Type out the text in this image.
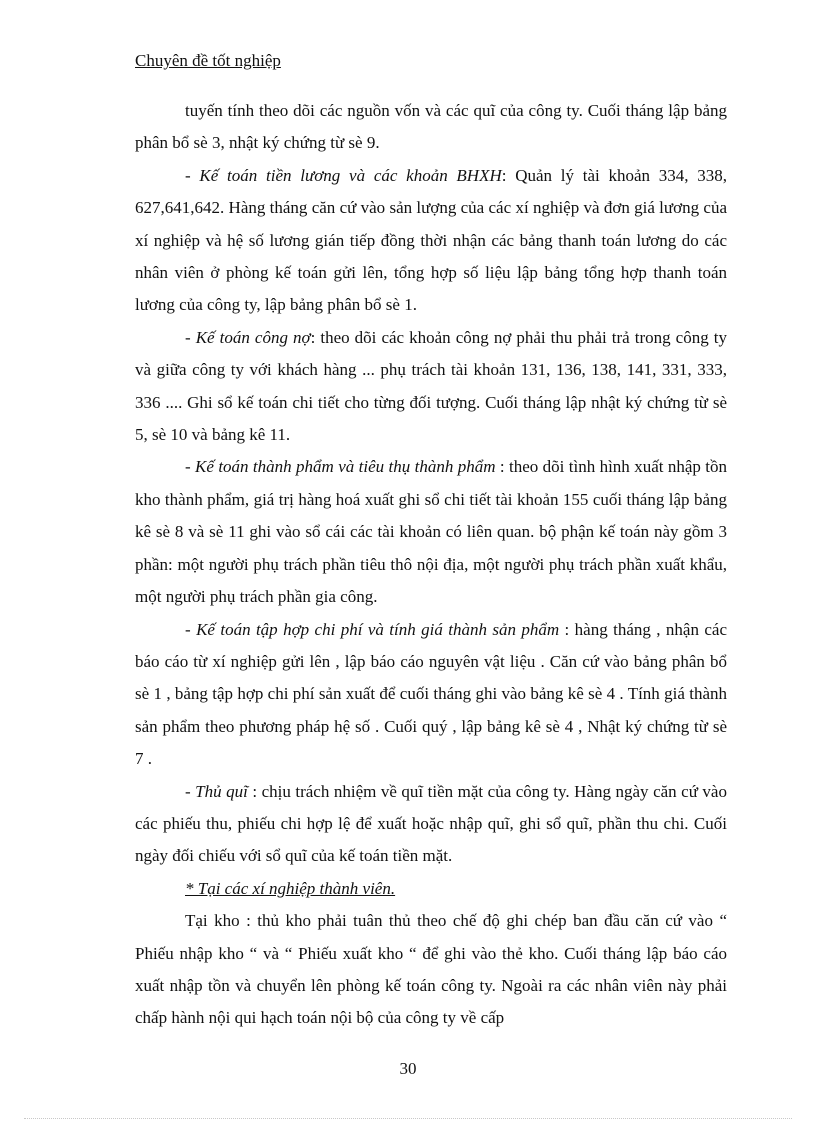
Chuyên đề tốt nghiệp

tuyến tính theo dõi các nguồn vốn và các quĩ của công ty. Cuối tháng lập bảng phân bổ sè 3, nhật ký chứng từ sè 9.

- Kế toán tiền lương và các khoản BHXH: Quản lý tài khoản 334, 338, 627,641,642. Hàng tháng căn cứ vào sản lượng của các xí nghiệp và đơn giá lương của xí nghiệp và hệ số lương gián tiếp đồng thời nhận các bảng thanh toán lương do các nhân viên ở phòng kế toán gửi lên, tổng hợp số liệu lập bảng tổng hợp thanh toán lương của công ty, lập bảng phân bổ sè 1.

- Kế toán công nợ: theo dõi các khoản công nợ phải thu phải trả trong công ty và giữa công ty với khách hàng ... phụ trách tài khoản 131, 136, 138, 141, 331, 333, 336 .... Ghi sổ kế toán chi tiết cho từng đối tượng. Cuối tháng lập nhật ký chứng từ sè 5, sè 10 và bảng kê 11.

- Kế toán thành phẩm và tiêu thụ thành phẩm : theo dõi tình hình xuất nhập tồn kho thành phẩm, giá trị hàng hoá xuất ghi sổ chi tiết tài khoản 155 cuối tháng lập bảng kê sè 8 và sè 11 ghi vào sổ cái các tài khoản có liên quan. bộ phận kế toán này gồm 3 phần: một người phụ trách phần tiêu thô nội địa, một người phụ trách phần xuất khẩu, một người phụ trách phần gia công.

- Kế toán tập hợp chi phí và tính giá thành sản phẩm : hàng tháng , nhận các báo cáo từ xí nghiệp gửi lên , lập báo cáo nguyên vật liệu . Căn cứ vào bảng phân bổ sè 1 , bảng tập hợp chi phí sản xuất để cuối tháng ghi vào bảng kê sè 4 . Tính giá thành sản phẩm theo phương pháp hệ số . Cuối quý , lập bảng kê sè 4 , Nhật ký chứng từ sè 7 .

- Thủ quĩ : chịu trách nhiệm về quĩ tiền mặt của công ty. Hàng ngày căn cứ vào các phiếu thu, phiếu chi hợp lệ để xuất hoặc nhập quĩ, ghi sổ quĩ, phần thu chi. Cuối ngày đối chiếu với sổ quĩ của kế toán tiền mặt.

* Tại các xí nghiệp thành viên.

Tại kho : thủ kho phải tuân thủ theo chế độ ghi chép ban đầu căn cứ vào “ Phiếu nhập kho “ và “ Phiếu xuất kho “ để ghi vào thẻ kho. Cuối tháng lập báo cáo xuất nhập tồn và chuyển lên phòng kế toán công ty. Ngoài ra các nhân viên này phải chấp hành nội qui hạch toán nội bộ của công ty về cấp

30
